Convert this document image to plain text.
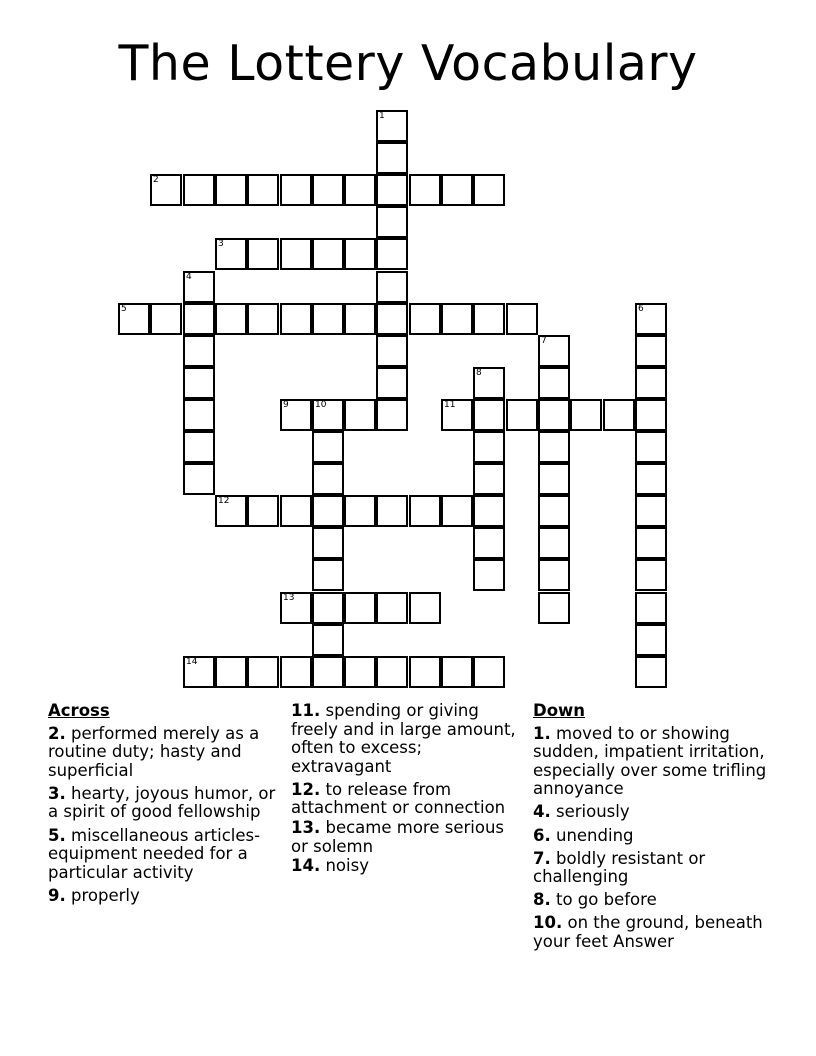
The Lottery Vocabulary
1
2
3
4
5	6
7
8
9	10	11
12
13
14
Across
2. performed merely as a routine duty; hasty and superficial
3. hearty, joyous humor, or a spirit of good fellowship
5. miscellaneous articles- equipment needed for a particular activity
9. properly
11. spending or giving freely and in large amount, often to excess; extravagant
12. to release from attachment or connection
13. became more serious or solemn
14. noisy
Down
1. moved to or showing sudden, impatient irritation, especially over some trifling annoyance
4. seriously
6. unending
7. boldly resistant or challenging
8. to go before
10. on the ground, beneath your feet Answer
